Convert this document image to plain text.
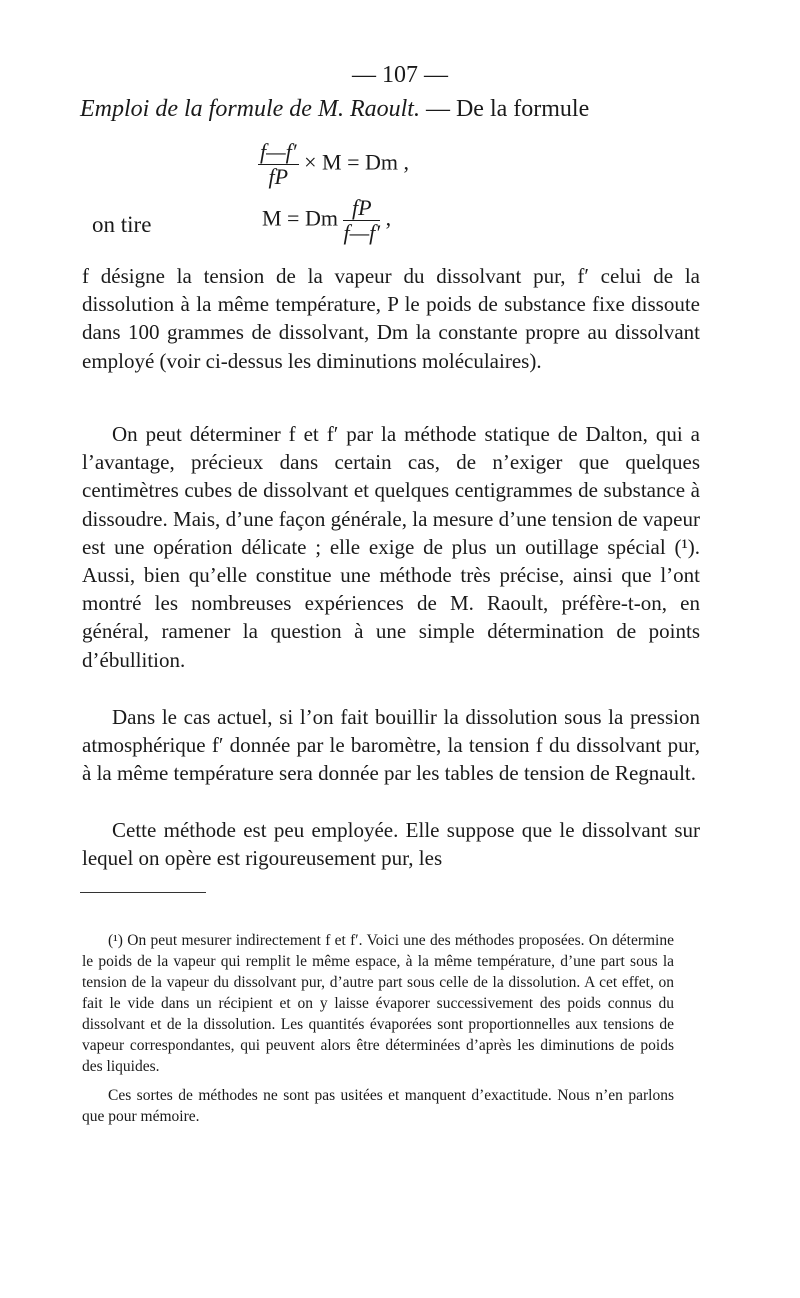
— 107 —
Emploi de la formule de M. Raoult. — De la formule
$\frac{f—f'}{fP} \times M = Dm$ ,
on tire	M = Dm $\frac{fP}{f—f'}$ ,
f désigne la tension de la vapeur du dissolvant pur, f′ celui de la dissolution à la même température, P le poids de substance fixe dissoute dans 100 grammes de dissolvant, Dm la constante propre au dissolvant employé (voir ci-dessus les diminutions moléculaires).
On peut déterminer f et f′ par la méthode statique de Dalton, qui a l’avantage, précieux dans certain cas, de n’exiger que quelques centimètres cubes de dissolvant et quelques centigrammes de substance à dissoudre. Mais, d’une façon générale, la mesure d’une tension de vapeur est une opération délicate ; elle exige de plus un outillage spécial (¹). Aussi, bien qu’elle constitue une méthode très précise, ainsi que l’ont montré les nombreuses expériences de M. Raoult, préfère-t-on, en général, ramener la question à une simple détermination de points d’ébullition.
Dans le cas actuel, si l’on fait bouillir la dissolution sous la pression atmosphérique f′ donnée par le baromètre, la tension f du dissolvant pur, à la même température sera donnée par les tables de tension de Regnault.
Cette méthode est peu employée. Elle suppose que le dissolvant sur lequel on opère est rigoureusement pur, les
(¹) On peut mesurer indirectement f et f′. Voici une des méthodes proposées. On détermine le poids de la vapeur qui remplit le même espace, à la même température, d’une part sous la tension de la vapeur du dissolvant pur, d’autre part sous celle de la dissolution. A cet effet, on fait le vide dans un récipient et on y laisse évaporer successivement des poids connus du dissolvant et de la dissolution. Les quantités évaporées sont proportionnelles aux tensions de vapeur correspondantes, qui peuvent alors être déterminées d’après les diminutions de poids des liquides.
Ces sortes de méthodes ne sont pas usitées et manquent d’exactitude. Nous n’en parlons que pour mémoire.
